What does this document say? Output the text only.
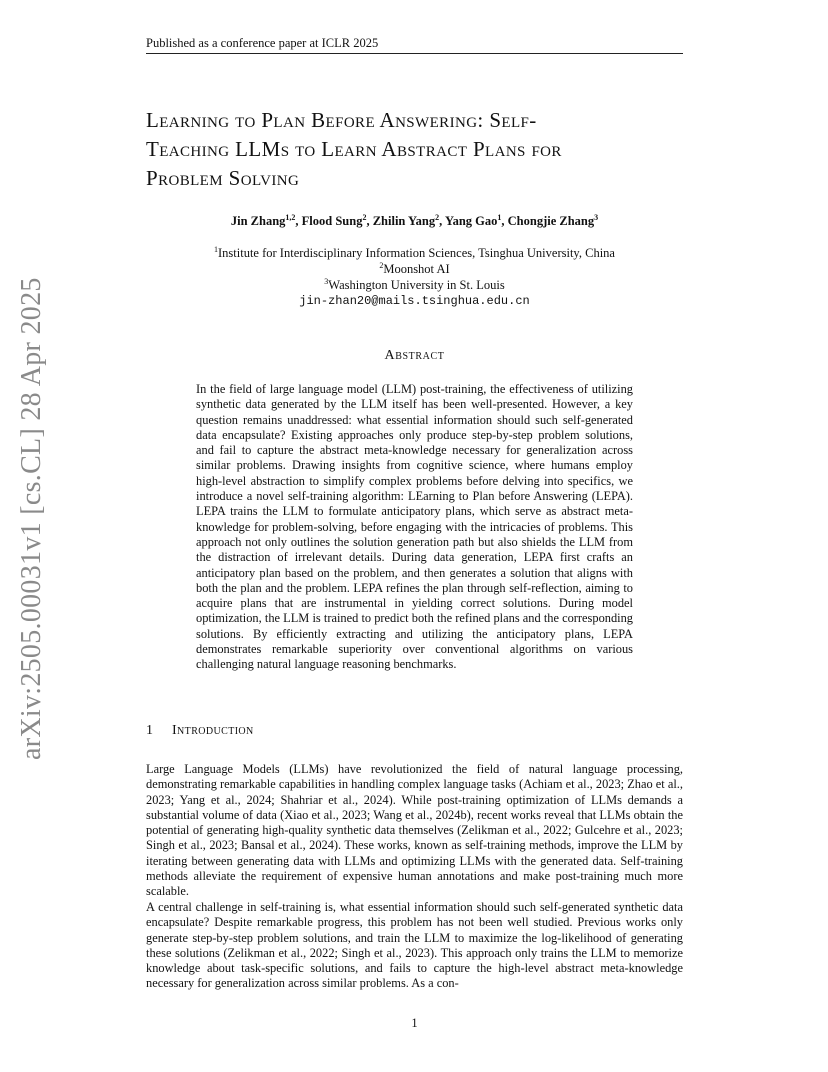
arXiv:2505.00031v1 [cs.CL] 28 Apr 2025
Published as a conference paper at ICLR 2025
Learning to Plan Before Answering: Self-
Teaching LLMs to Learn Abstract Plans for
Problem Solving
Jin Zhang$^{1,2}$, Flood Sung$^2$, Zhilin Yang$^2$, Yang Gao$^1$, Chongjie Zhang$^3$
$^1$Institute for Interdisciplinary Information Sciences, Tsinghua University, China
$^2$Moonshot AI
$^3$Washington University in St. Louis
jin-zhan20@mails.tsinghua.edu.cn
Abstract

In the field of large language model (LLM) post-training, the effectiveness of utilizing synthetic data generated by the LLM itself has been well-presented. However, a key question remains unaddressed: what essential information should such self-generated data encapsulate? Existing approaches only produce step-by-step problem solutions, and fail to capture the abstract meta-knowledge necessary for generalization across similar problems. Drawing insights from cognitive science, where humans employ high-level abstraction to simplify complex problems before delving into specifics, we introduce a novel self-training algorithm: LEarning to Plan before Answering (LEPA). LEPA trains the LLM to formulate anticipatory plans, which serve as abstract meta-knowledge for problem-solving, before engaging with the intricacies of problems. This approach not only outlines the solution generation path but also shields the LLM from the distraction of irrelevant details. During data generation, LEPA first crafts an anticipatory plan based on the problem, and then generates a solution that aligns with both the plan and the problem. LEPA refines the plan through self-reflection, aiming to acquire plans that are instrumental in yielding correct solutions. During model optimization, the LLM is trained to predict both the refined plans and the corresponding solutions. By efficiently extracting and utilizing the anticipatory plans, LEPA demonstrates remarkable superiority over conventional algorithms on various challenging natural language reasoning benchmarks.

1 Introduction

Large Language Models (LLMs) have revolutionized the field of natural language processing, demonstrating remarkable capabilities in handling complex language tasks (Achiam et al., 2023; Zhao et al., 2023; Yang et al., 2024; Shahriar et al., 2024). While post-training optimization of LLMs demands a substantial volume of data (Xiao et al., 2023; Wang et al., 2024b), recent works reveal that LLMs obtain the potential of generating high-quality synthetic data themselves (Zelikman et al., 2022; Gulcehre et al., 2023; Singh et al., 2023; Bansal et al., 2024). These works, known as self-training methods, improve the LLM by iterating between generating data with LLMs and optimizing LLMs with the generated data. Self-training methods alleviate the requirement of expensive human annotations and make post-training much more scalable.

A central challenge in self-training is, what essential information should such self-generated synthetic data encapsulate? Despite remarkable progress, this problem has not been well studied. Previous works only generate step-by-step problem solutions, and train the LLM to maximize the log-likelihood of generating these solutions (Zelikman et al., 2022; Singh et al., 2023). This approach only trains the LLM to memorize knowledge about task-specific solutions, and fails to capture the high-level abstract meta-knowledge necessary for generalization across similar problems. As a con-

1
